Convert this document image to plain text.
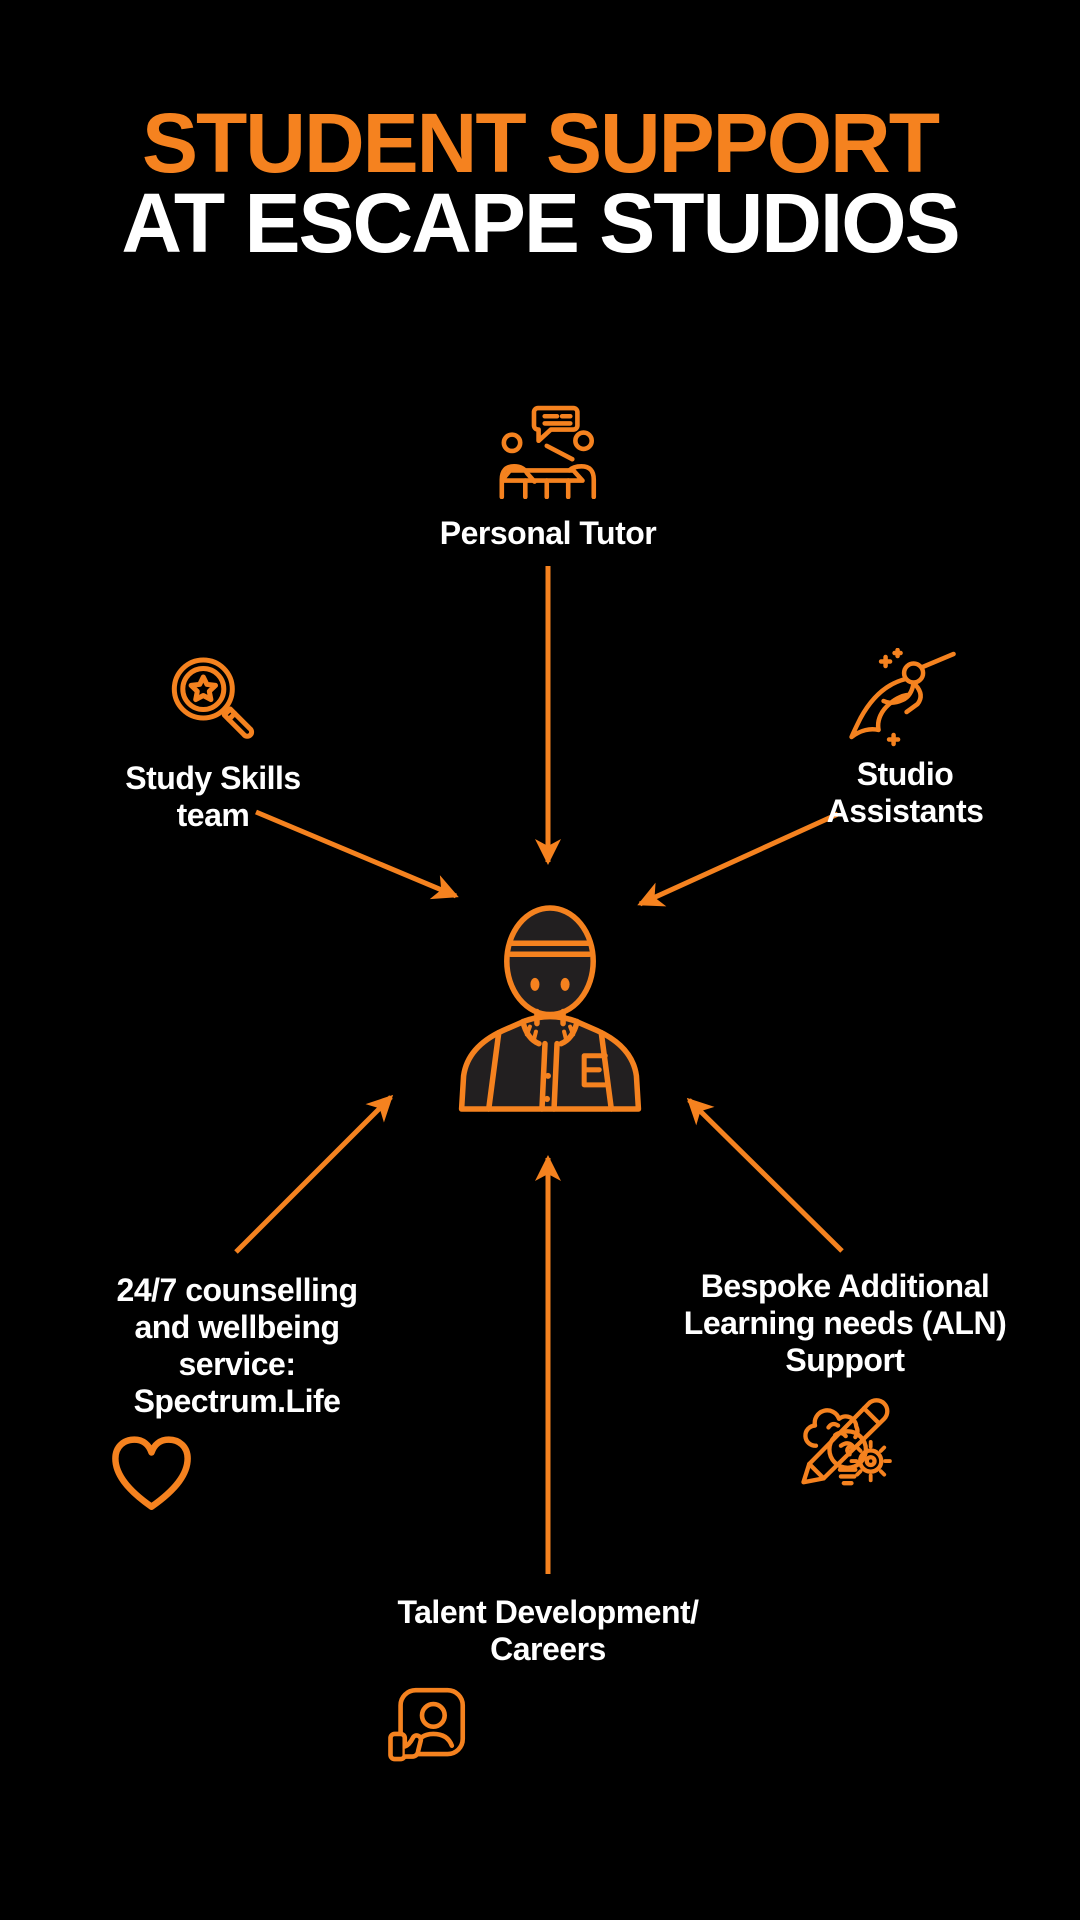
STUDENT SUPPORT
AT ESCAPE STUDIOS
Personal Tutor
Study Skills
team
Studio
Assistants
24/7 counselling
and wellbeing
service:
Spectrum.Life
Bespoke Additional
Learning needs (ALN)
Support
Talent Development/
Careers
